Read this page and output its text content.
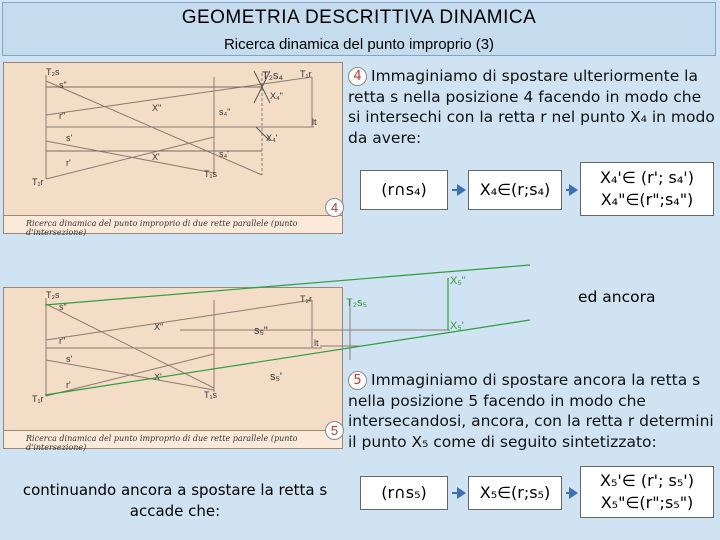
GEOMETRIA DESCRITTIVA DINAMICA
Ricerca dinamica del punto improprio (3)
T₂s	T₂s₄ T₁r
s"
X"	s₄"
X₄"
r"
lt
s'	X₄'
X'	s₄'
r'
T₁r
T₁s
Ricerca dinamica del punto improprio di due rette parallele (punto d'intersezione)
4
T₂s	T₂r
s"
X"	s₅"
r"	lt
s'
X'	s₅'
r'
T₁r	T₁s
Ricerca dinamica del punto improprio di due rette parallele (punto d'intersezione)
T₂s₅
X₅"
X₅'
5
4 Immaginiamo di spostare ulteriormente la retta s nella posizione 4 facendo in modo che si intersechi con la retta r nel punto X₄ in modo da avere:
(r∩s₄)	X₄∈(r;s₄)
X₄'∈ (r'; s₄')
X₄"∈(r";s₄")
ed ancora
5 Immaginiamo di spostare ancora la retta s nella posizione 5 facendo in modo che intersecandosi, ancora, con la retta r determini il punto X₅ come di seguito sintetizzato:
(r∩s₅)	X₅∈(r;s₅)
X₅'∈ (r'; s₅')
X₅"∈(r";s₅")
continuando ancora a spostare la retta s accade che:
